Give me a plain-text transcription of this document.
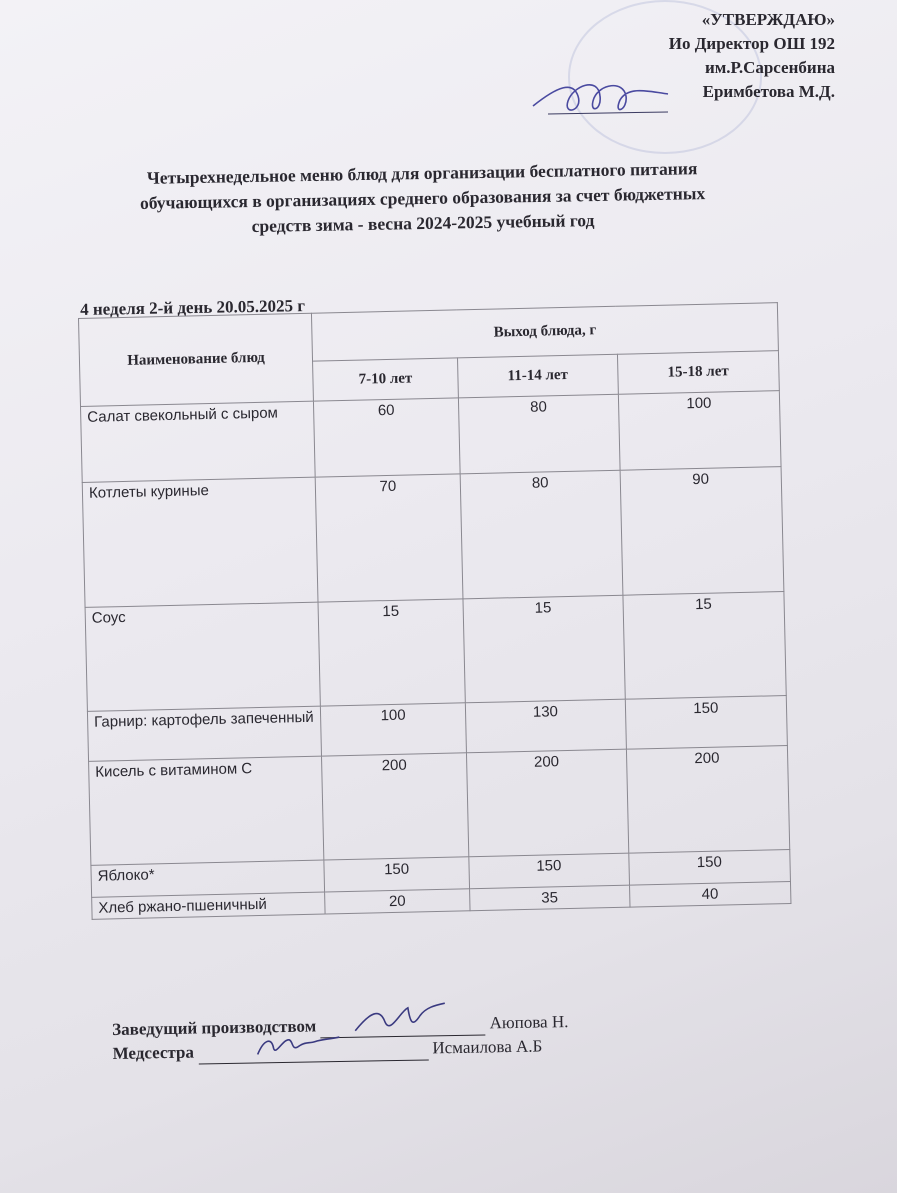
«УТВЕРЖДАЮ»
Ио Директор ОШ 192
им.Р.Сарсенбина
Еримбетова М.Д.
Четырехнедельное меню блюд для организации бесплатного питания
обучающихся в организациях среднего образования за счет бюджетных
средств зима - весна 2024-2025 учебный год
4 неделя 2-й день 20.05.2025 г
Наименование блюд	Выход блюда, г		
	7-10 лет	11-14 лет	15-18 лет
Салат свекольный с сыром	60	80	100
Котлеты куриные	70	80	90
Соус	15	15	15
Гарнир: картофель запеченный	100	130	150
Кисель с витамином С	200	200	200
Яблоко*	150	150	150
Хлеб ржано-пшеничный	20	35	40
Заведущий производством	Аюпова Н.
Медсестра	Исмаилова А.Б
